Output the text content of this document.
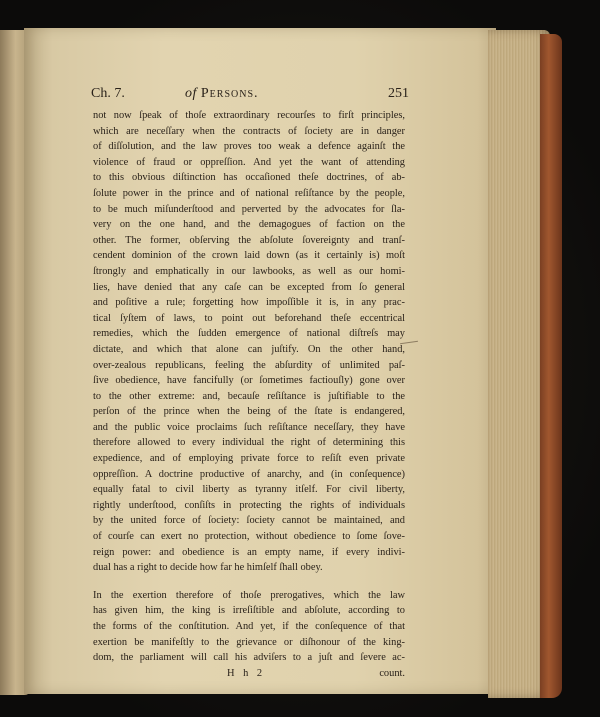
Ch. 7.	of Persons.	251
not now ſpeak of thoſe extraordinary recourſes to firſt principles,
which are neceſſary when the contracts of ſociety are in danger
of diſſolution, and the law proves too weak a defence againſt the
violence of fraud or oppreſſion. And yet the want of attending
to this obvious diſtinction has occaſioned theſe doctrines, of ab-
ſolute power in the prince and of national reſiſtance by the people,
to be much miſunderſtood and perverted by the advocates for ſla-
very on the one hand, and the demagogues of faction on the
other. The former, obſerving the abſolute ſovereignty and tranſ-
cendent dominion of the crown laid down (as it certainly is) moſt
ſtrongly and emphatically in our lawbooks, as well as our homi-
lies, have denied that any caſe can be excepted from ſo general
and poſitive a rule; forgetting how impoſſible it is, in any prac-
tical ſyſtem of laws, to point out beforehand theſe eccentrical
remedies, which the ſudden emergence of national diſtreſs may
dictate, and which that alone can juſtify. On the other hand,
over-zealous republicans, feeling the abſurdity of unlimited paſ-
ſive obedience, have fancifully (or ſometimes factiouſly) gone over
to the other extreme: and, becauſe reſiſtance is juſtifiable to the
perſon of the prince when the being of the ſtate is endangered,
and the public voice proclaims ſuch reſiſtance neceſſary, they have
therefore allowed to every individual the right of determining this
expedience, and of employing private force to reſiſt even private
oppreſſion. A doctrine productive of anarchy, and (in conſequence)
equally fatal to civil liberty as tyranny itſelf. For civil liberty,
rightly underſtood, conſiſts in protecting the rights of individuals
by the united force of ſociety: ſociety cannot be maintained, and
of courſe can exert no protection, without obedience to ſome ſove-
reign power: and obedience is an empty name, if every indivi-
dual has a right to decide how far he himſelf ſhall obey.
In the exertion therefore of thoſe prerogatives, which the law
has given him, the king is irreſiſtible and abſolute, according to
the forms of the conſtitution. And yet, if the conſequence of that
exertion be manifeſtly to the grievance or diſhonour of the king-
dom, the parliament will call his adviſers to a juſt and ſevere ac-
H h 2	count.
